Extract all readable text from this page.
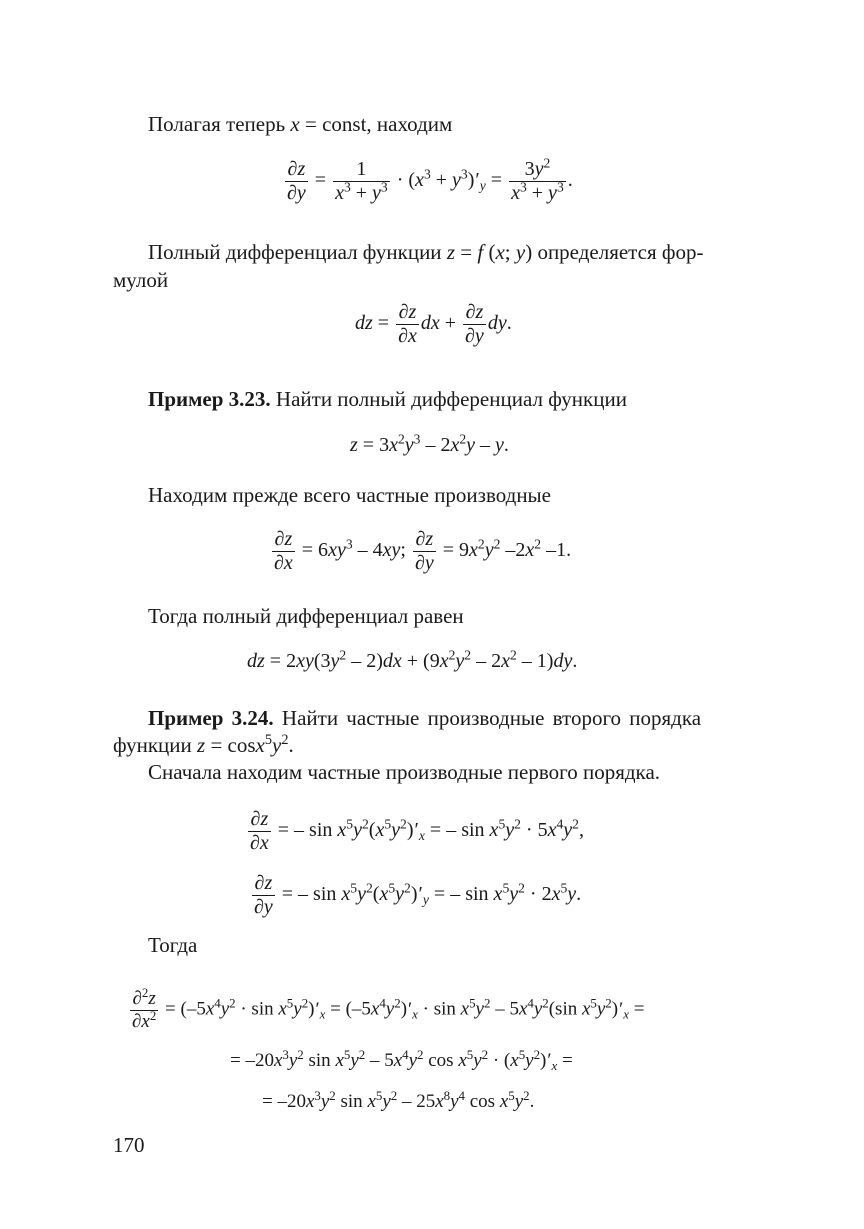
Полагая теперь x = const, находим
$\frac{\partial z}{\partial y} = \frac{1}{x^3 + y^3} \cdot (x^3 + y^3)'_y = \frac{3y^2}{x^3 + y^3}$ .
Полный дифференциал функции z = f (x; y) определяется фор-
мулой
dz = $\frac{\partial z}{\partial x}$ dx + $\frac{\partial z}{\partial y}$ dy.
Пример 3.23. Найти полный дифференциал функции
$z = 3x^2y^3 - 2x^2y - y$.
Находим прежде всего частные производные
$\frac{\partial z}{\partial x} = 6xy^3 - 4xy$; $\frac{\partial z}{\partial y} = 9x^2y^2$ $-2x^2$ –1.
Тогда полный дифференциал равен
dz = $2xy(3y^2 - 2)dx + (9x^2y^2 - 2x^2 - 1)dy$.
Пример 3.24. Найти частные производные второго порядка
функции $z = \cos x^5y^2$.
Сначала находим частные производные первого порядка.
$\frac{\partial z}{\partial x}$ = – $\sin x^5y^2(x^5y^2)'_x$ = – $\sin x^5y^2 \cdot 5x^4y^2$,
$\frac{\partial z}{\partial y}$ = – $\sin x^5y^2(x^5y^2)'_y$ = – $\sin x^5y^2 \cdot 2x^5y$.
Тогда
$\frac{\partial^2z}{\partial x^2} = (-5x^4y^2 \cdot \sin x^5y^2)'_x = (-5x^4y^2)'_x \cdot \sin x^5y^2 - 5x^4y^2(\sin$ $x^5y^2)'_x$ =
= $-20x^3y^2$ $\sin x^5y^2 - 5x^4y^2$ $\cos x^5y^2 \cdot (x^5y^2)'_x$ =
= $-20x^3y^2$ $\sin x^5y^2 - 25x^8y^4$ $\cos x^5y^2$.
170
